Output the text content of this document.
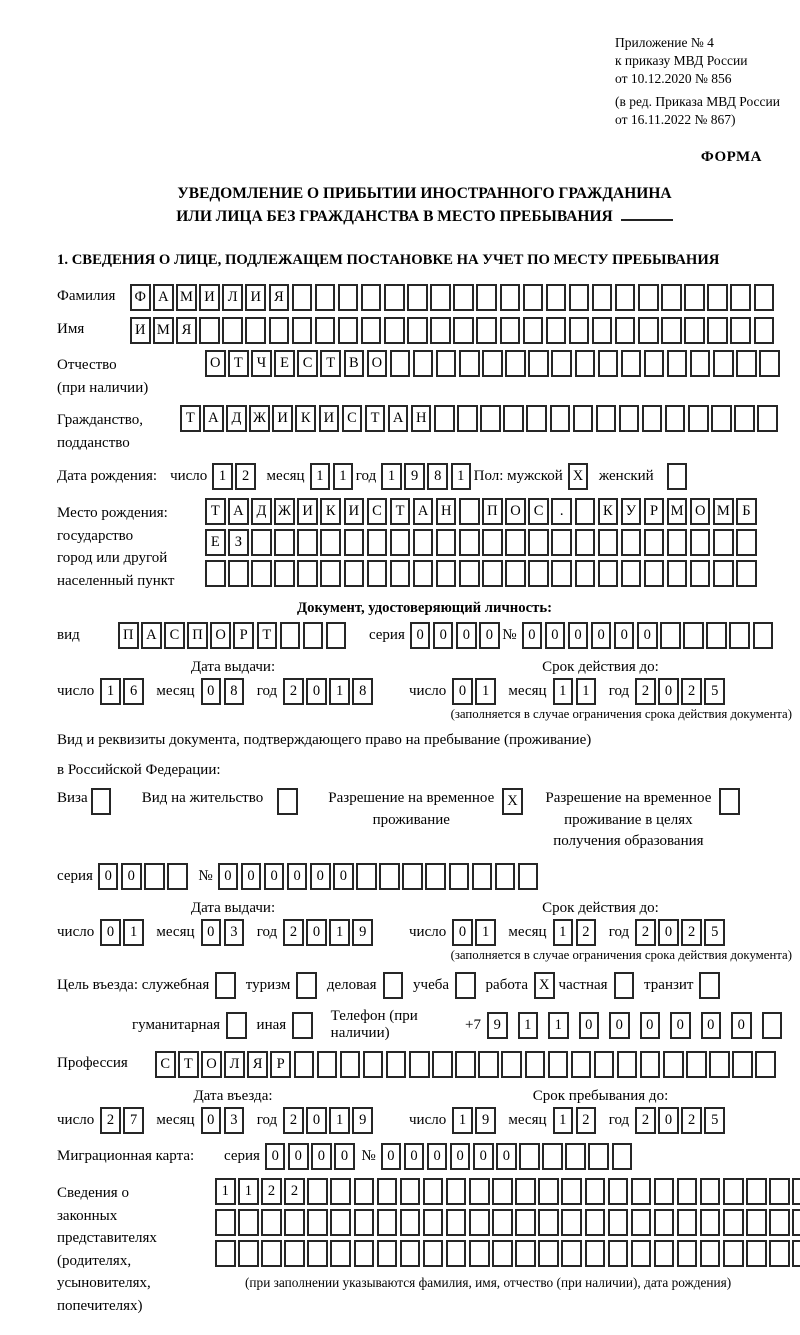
Приложение № 4
к приказу МВД России
от 10.12.2020 № 856
(в ред. Приказа МВД России
от 16.11.2022 № 867)
ФОРМА
УВЕДОМЛЕНИЕ О ПРИБЫТИИ ИНОСТРАННОГО ГРАЖДАНИНА
ИЛИ ЛИЦА БЕЗ ГРАЖДАНСТВА В МЕСТО ПРЕБЫВАНИЯ
1. СВЕДЕНИЯ О ЛИЦЕ, ПОДЛЕЖАЩЕМ ПОСТАНОВКЕ НА УЧЕТ ПО МЕСТУ ПРЕБЫВАНИЯ
Фамилия	Ф А М И Л И Я
Имя	И М Я
Отчество
(при наличии)
О Т Ч Е С Т В О
Гражданство,
подданство
Т А Д Ж И К И С Т А Н
Дата рождения: число 1	2	месяц 1	1 год 1	9	8	1 Пол: мужской X	женский
Место рождения:
государство
город или другой
населенный пункт
Т А Д Ж И К И С Т А Н	П О С	.	К У Р М О М Б
Е	З
Документ, удостоверяющий личность:
вид	П А С П О Р	Т	серия 0	0	0	0 № 0	0	0	0	0	0
Дата выдачи:
число 1	6	месяц 0	8	год 2	0	1	8
Срок действия до:
число 0	1	месяц 1	1	год 2	0	2	5
(заполняется в случае ограничения срока действия документа)
Вид и реквизиты документа, подтверждающего право на пребывание (проживание)
в Российской Федерации:
Виза	Вид на жительство	Разрешение на временное
проживание
X	Разрешение на временное
проживание в целях
получения образования
серия 0	0	№ 0	0	0	0	0	0
Дата выдачи:
число 0	1	месяц 0	3	год 2	0	1	9
Срок действия до:
число 0	1	месяц 1	2	год 2	0	2	5
(заполняется в случае ограничения срока действия документа)
Цель въезда: служебная туризм деловая учеба работа X частная транзит
гуманитарная иная
Телефон (при наличии)
+7 9	1	1	0	0	0	0	0	0
Профессия	С Т О Л Я Р
Дата въезда:
число 2	7	месяц 0	3	год 2	0	1	9
Срок пребывания до:
число 1	9	месяц 1	2	год 2	0	2	5
Миграционная карта:	серия 0	0	0	0 № 0	0	0	0	0	0
Сведения о
законных
представителях
(родителях,
усыновителях,
попечителях)
1	1	2	2
(при заполнении указываются фамилия, имя, отчество (при наличии), дата рождения)
